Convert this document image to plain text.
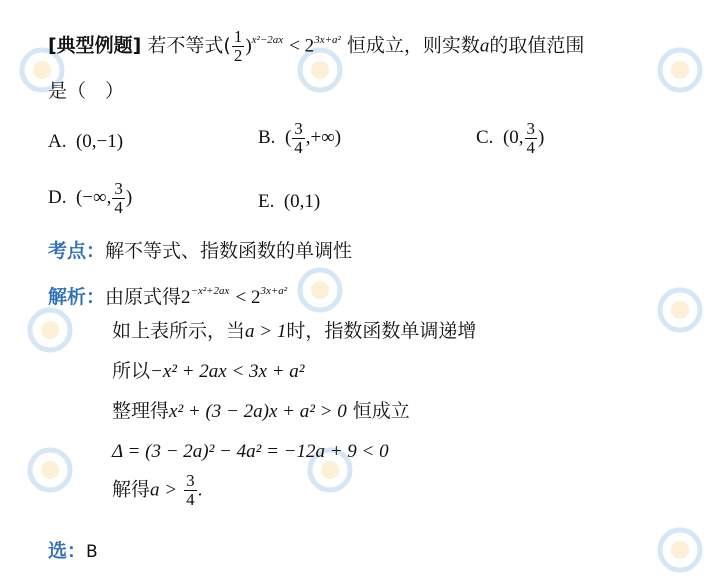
[典型例题] 若不等式( $\frac{1}{2} )^{x^2-2ax} < 2^{3x+a^2}$ 恒成立，则实数a的取值范围
是（　）
A. (0,−1)	B. ( $\frac{3}{4}$ ,+∞)	C. (0, $\frac{3}{4}$ )
D. (−∞, $\frac{3}{4}$ )	E. (0,1)
考点：解不等式、指数函数的单调性
解析：由原式得$2^{-x^2+2ax} < 2^{3x+a^2}$
如上表所示，当a > 1时，指数函数单调递增
所以−x² + 2ax < 3x + a²
整理得x² + (3 − 2a)x + a² > 0 恒成立
Δ = (3 − 2a)² − 4a² = −12a + 9 < 0
解得$a > \frac{3}{4}$ .
选：B
